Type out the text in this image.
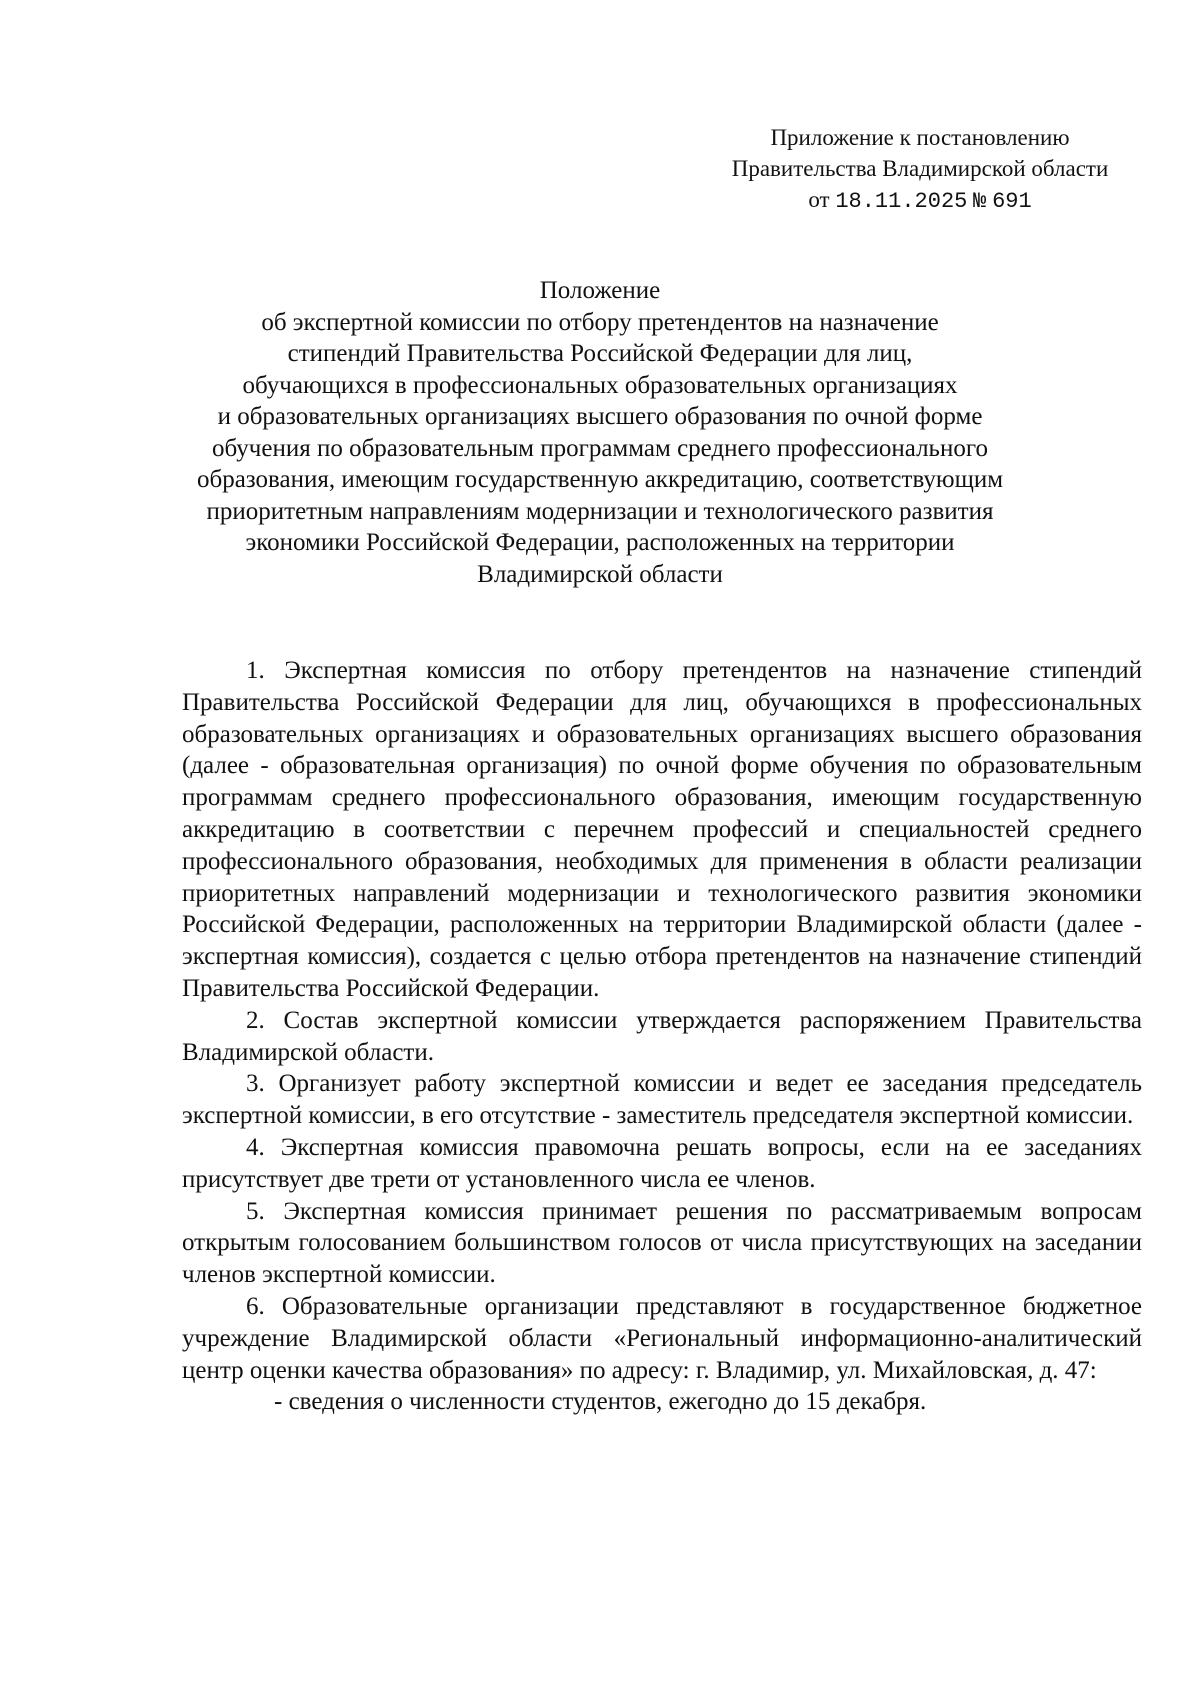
Приложение к постановлению
Правительства Владимирской области
от 18.11.2025 № 691
Положение
об экспертной комиссии по отбору претендентов на назначение
стипендий Правительства Российской Федерации для лиц,
обучающихся в профессиональных образовательных организациях
и образовательных организациях высшего образования по очной форме
обучения по образовательным программам среднего профессионального
образования, имеющим государственную аккредитацию, соответствующим
приоритетным направлениям модернизации и технологического развития
экономики Российской Федерации, расположенных на территории
Владимирской области

1. Экспертная комиссия по отбору претендентов на назначение стипендий Правительства Российской Федерации для лиц, обучающихся в профессиональных образовательных организациях и образовательных организациях высшего образования (далее - образовательная организация) по очной форме обучения по образовательным программам среднего профессионального образования, имеющим государственную аккредитацию в соответствии с перечнем профессий и специальностей среднего профессионального образования, необходимых для применения в области реализации приоритетных направлений модернизации и технологического развития экономики Российской Федерации, расположенных на территории Владимирской области (далее - экспертная комиссия), создается с целью отбора претендентов на назначение стипендий Правительства Российской Федерации.

2. Состав экспертной комиссии утверждается распоряжением Правительства Владимирской области.

3. Организует работу экспертной комиссии и ведет ее заседания председатель экспертной комиссии, в его отсутствие - заместитель председателя экспертной комиссии.

4. Экспертная комиссия правомочна решать вопросы, если на ее заседаниях присутствует две трети от установленного числа ее членов.

5. Экспертная комиссия принимает решения по рассматриваемым вопросам открытым голосованием большинством голосов от числа присутствующих на заседании членов экспертной комиссии.

6. Образовательные организации представляют в государственное бюджетное учреждение Владимирской области «Региональный информационно-аналитический центр оценки качества образования» по адресу: г. Владимир, ул. Михайловская, д. 47:

- сведения о численности студентов, ежегодно до 15 декабря.
